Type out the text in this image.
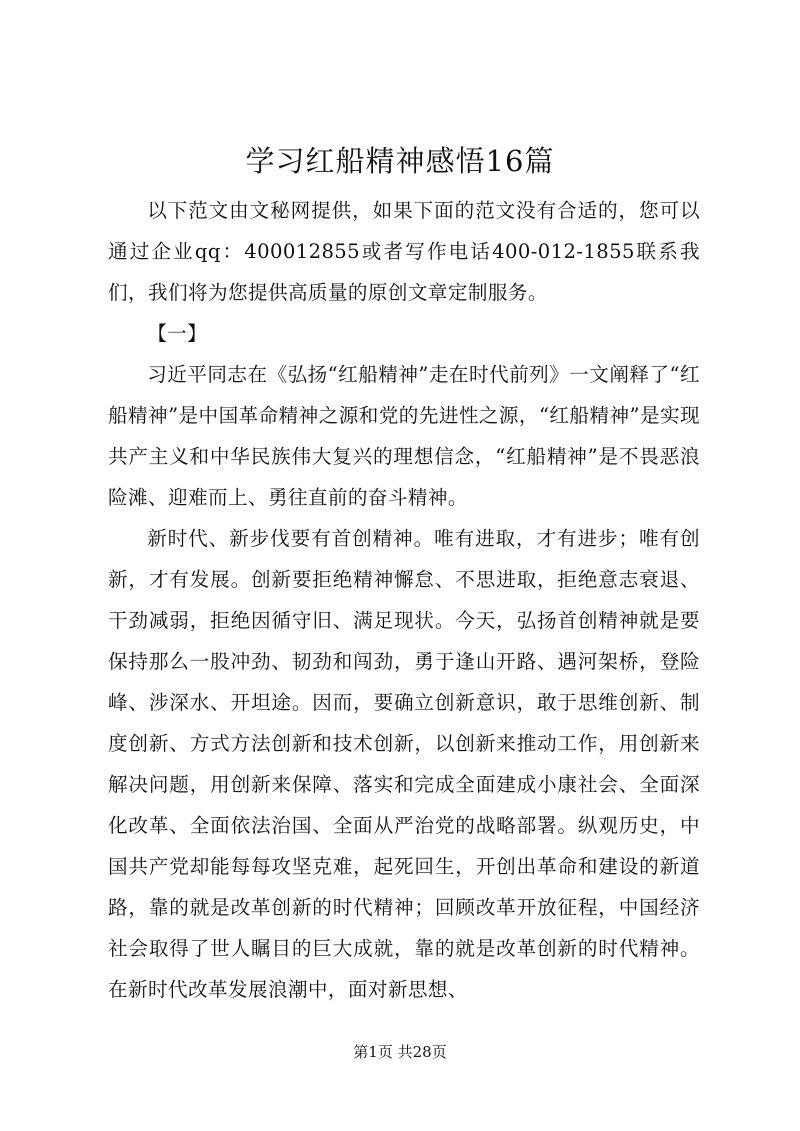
学习红船精神感悟16篇

以下范文由文秘网提供，如果下面的范文没有合适的，您可以通过企业qq：400012855或者写作电话400-012-1855联系我们，我们将为您提供高质量的原创文章定制服务。

【一】

习近平同志在《弘扬“红船精神”走在时代前列》一文阐释了“红船精神”是中国革命精神之源和党的先进性之源，“红船精神”是实现共产主义和中华民族伟大复兴的理想信念，“红船精神”是不畏恶浪险滩、迎难而上、勇往直前的奋斗精神。

新时代、新步伐要有首创精神。唯有进取，才有进步；唯有创新，才有发展。创新要拒绝精神懈怠、不思进取，拒绝意志衰退、干劲减弱，拒绝因循守旧、满足现状。今天，弘扬首创精神就是要保持那么一股冲劲、韧劲和闯劲，勇于逢山开路、遇河架桥，登险峰、涉深水、开坦途。因而，要确立创新意识，敢于思维创新、制度创新、方式方法创新和技术创新，以创新来推动工作，用创新来解决问题，用创新来保障、落实和完成全面建成小康社会、全面深化改革、全面依法治国、全面从严治党的战略部署。纵观历史，中国共产党却能每每攻坚克难，起死回生，开创出革命和建设的新道路，靠的就是改革创新的时代精神；回顾改革开放征程，中国经济社会取得了世人瞩目的巨大成就，靠的就是改革创新的时代精神。在新时代改革发展浪潮中，面对新思想、

第1页 共28页
